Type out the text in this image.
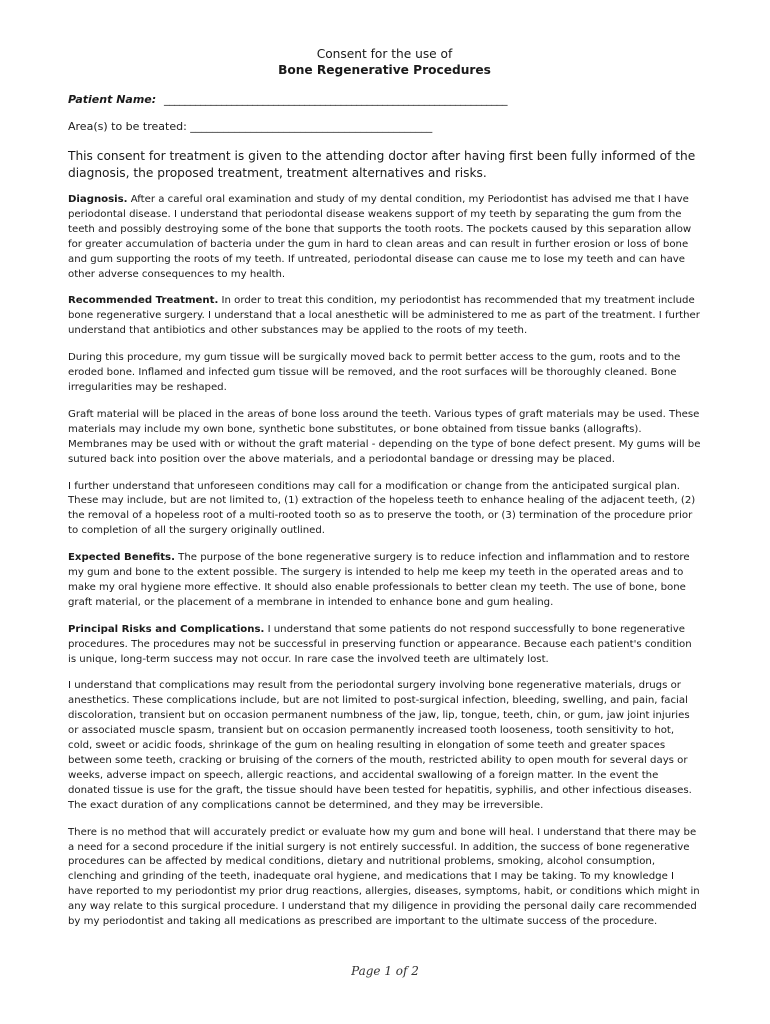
Consent for the use of
Bone Regenerative Procedures
Patient Name: __________________________________________________________________
Area(s) to be treated: ____________________________________________
This consent for treatment is given to the attending doctor after having first been fully informed of the diagnosis, the proposed treatment, treatment alternatives and risks.

Diagnosis. After a careful oral examination and study of my dental condition, my Periodontist has advised me that I have periodontal disease. I understand that periodontal disease weakens support of my teeth by separating the gum from the teeth and possibly destroying some of the bone that supports the tooth roots. The pockets caused by this separation allow for greater accumulation of bacteria under the gum in hard to clean areas and can result in further erosion or loss of bone and gum supporting the roots of my teeth. If untreated, periodontal disease can cause me to lose my teeth and can have other adverse consequences to my health.

Recommended Treatment. In order to treat this condition, my periodontist has recommended that my treatment include bone regenerative surgery. I understand that a local anesthetic will be administered to me as part of the treatment. I further understand that antibiotics and other substances may be applied to the roots of my teeth.

During this procedure, my gum tissue will be surgically moved back to permit better access to the gum, roots and to the eroded bone. Inflamed and infected gum tissue will be removed, and the root surfaces will be thoroughly cleaned. Bone irregularities may be reshaped.

Graft material will be placed in the areas of bone loss around the teeth. Various types of graft materials may be used. These materials may include my own bone, synthetic bone substitutes, or bone obtained from tissue banks (allografts). Membranes may be used with or without the graft material - depending on the type of bone defect present. My gums will be sutured back into position over the above materials, and a periodontal bandage or dressing may be placed.

I further understand that unforeseen conditions may call for a modification or change from the anticipated surgical plan. These may include, but are not limited to, (1) extraction of the hopeless teeth to enhance healing of the adjacent teeth, (2) the removal of a hopeless root of a multi-rooted tooth so as to preserve the tooth, or (3) termination of the procedure prior to completion of all the surgery originally outlined.

Expected Benefits. The purpose of the bone regenerative surgery is to reduce infection and inflammation and to restore my gum and bone to the extent possible. The surgery is intended to help me keep my teeth in the operated areas and to make my oral hygiene more effective. It should also enable professionals to better clean my teeth. The use of bone, bone graft material, or the placement of a membrane in intended to enhance bone and gum healing.

Principal Risks and Complications. I understand that some patients do not respond successfully to bone regenerative procedures. The procedures may not be successful in preserving function or appearance. Because each patient's condition is unique, long-term success may not occur. In rare case the involved teeth are ultimately lost.

I understand that complications may result from the periodontal surgery involving bone regenerative materials, drugs or anesthetics. These complications include, but are not limited to post-surgical infection, bleeding, swelling, and pain, facial discoloration, transient but on occasion permanent numbness of the jaw, lip, tongue, teeth, chin, or gum, jaw joint injuries or associated muscle spasm, transient but on occasion permanently increased tooth looseness, tooth sensitivity to hot, cold, sweet or acidic foods, shrinkage of the gum on healing resulting in elongation of some teeth and greater spaces between some teeth, cracking or bruising of the corners of the mouth, restricted ability to open mouth for several days or weeks, adverse impact on speech, allergic reactions, and accidental swallowing of a foreign matter. In the event the donated tissue is use for the graft, the tissue should have been tested for hepatitis, syphilis, and other infectious diseases. The exact duration of any complications cannot be determined, and they may be irreversible.

There is no method that will accurately predict or evaluate how my gum and bone will heal. I understand that there may be a need for a second procedure if the initial surgery is not entirely successful. In addition, the success of bone regenerative procedures can be affected by medical conditions, dietary and nutritional problems, smoking, alcohol consumption, clenching and grinding of the teeth, inadequate oral hygiene, and medications that I may be taking. To my knowledge I have reported to my periodontist my prior drug reactions, allergies, diseases, symptoms, habit, or conditions which might in any way relate to this surgical procedure. I understand that my diligence in providing the personal daily care recommended by my periodontist and taking all medications as prescribed are important to the ultimate success of the procedure.

Page 1 of 2
